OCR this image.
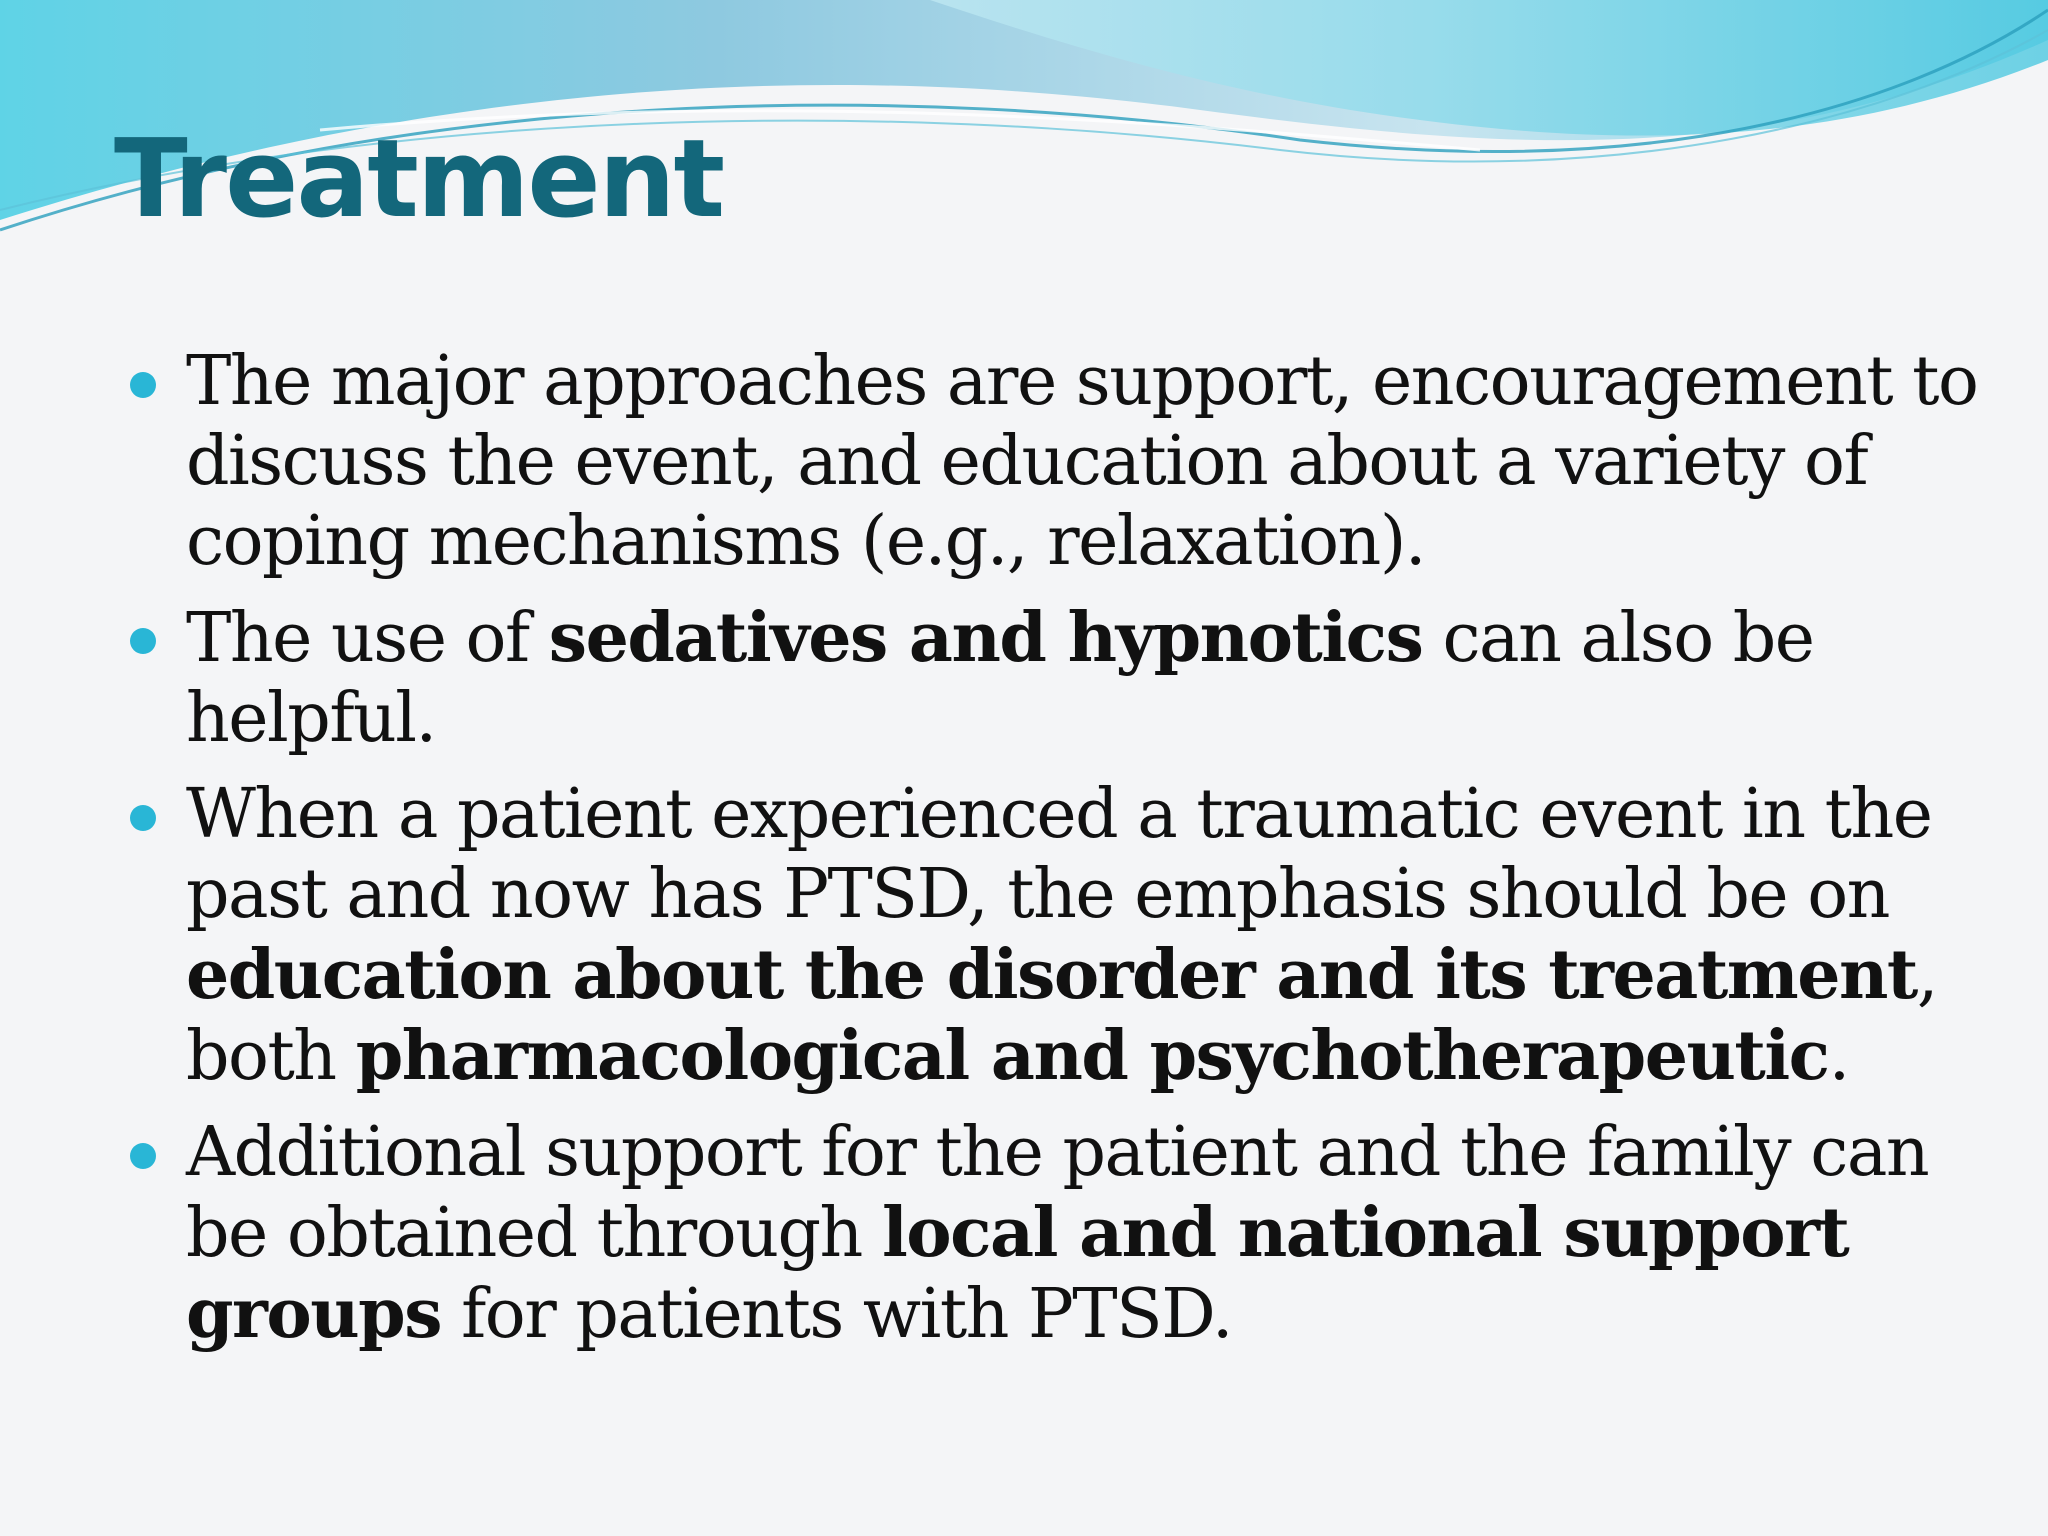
Treatment
The major approaches are support, encouragement to discuss the event, and education about a variety of coping mechanisms (e.g., relaxation).
The use of sedatives and hypnotics can also be helpful.
When a patient experienced a traumatic event in the past and now has PTSD, the emphasis should be on education about the disorder and its treatment, both pharmacological and psychotherapeutic.
Additional support for the patient and the family can be obtained through local and national support groups for patients with PTSD.
